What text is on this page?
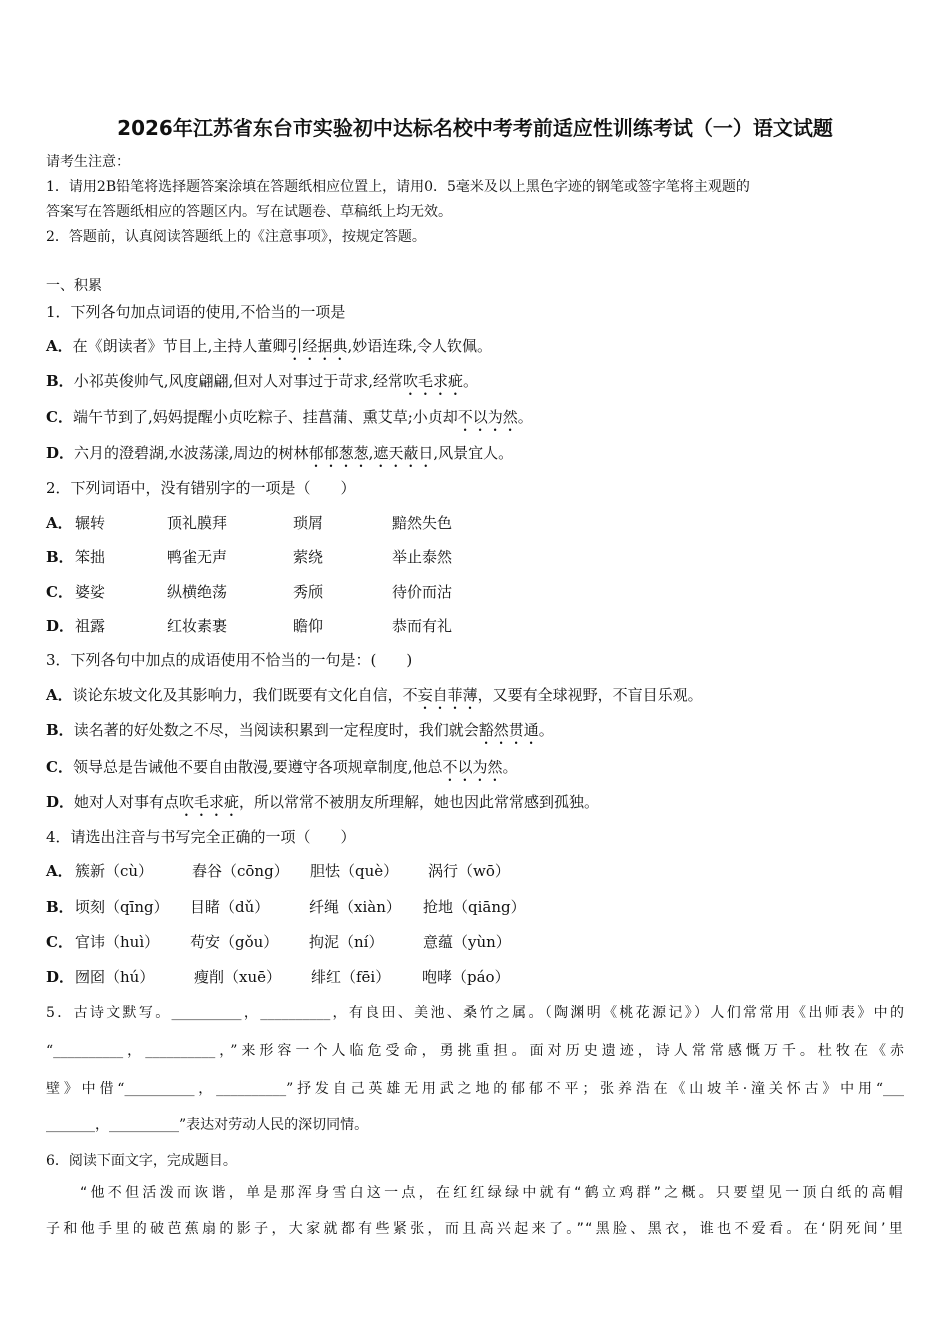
2026年江苏省东台市实验初中达标名校中考考前适应性训练考试（一）语文试题
请考生注意：
1．请用2B铅笔将选择题答案涂填在答题纸相应位置上，请用0．5毫米及以上黑色字迹的钢笔或签字笔将主观题的
答案写在答题纸相应的答题区内。写在试题卷、草稿纸上均无效。
2．答题前，认真阅读答题纸上的《注意事项》，按规定答题。
一、积累
1．下列各句加点词语的使用,不恰当的一项是
A．在《朗读者》节目上,主持人董卿引经据典,妙语连珠,令人钦佩。
B．小祁英俊帅气,风度翩翩,但对人对事过于苛求,经常吹毛求疵。
C．端午节到了,妈妈提醒小贞吃粽子、挂菖蒲、熏艾草;小贞却不以为然。
D．六月的澄碧湖,水波荡漾,周边的树林郁郁葱葱,遮天蔽日,风景宜人。
2．下列词语中，没有错别字的一项是（　　）
A． 辗转	顶礼膜拜	琐屑	黯然失色
B． 笨拙	鸭雀无声	萦绕	举止泰然
C． 婆娑	纵横绝荡	秀颀	待价而沽
D． 祖露	红妆素裹	瞻仰	恭而有礼
3．下列各句中加点的成语使用不恰当的一句是：(　　)
A．谈论东坡文化及其影响力，我们既要有文化自信，不妄自菲薄，又要有全球视野，不盲目乐观。
B．读名著的好处数之不尽，当阅读积累到一定程度时，我们就会豁然贯通。
C．领导总是告诫他不要自由散漫,要遵守各项规章制度,他总不以为然。
D．她对人对事有点吹毛求疵，所以常常不被朋友所理解，她也因此常常感到孤独。
4．请选出注音与书写完全正确的一项（　　）
A． 簇新（cù）	舂谷（cōng） 胆怯（què） 涡行（wō）
B． 顷刻（qīng） 目睹（dǔ）	纤绳（xiàn） 抢地（qiāng）
C． 官讳（huì） 苟安（gǒu） 拘泥（ní）	意蕴（yùn）
D． 囫囵（hú）	瘦削（xuē） 绯红（fēi） 咆哮（páo）
5．古诗文默写。__________，__________，有良田、美池、桑竹之属。（陶渊明《桃花源记》）人们常常用《出师表》中的
“__________，__________，”来形容一个人临危受命，勇挑重担。面对历史遗迹，诗人常常感慨万千。杜牧在《赤
壁》中借“__________，__________”抒发自己英雄无用武之地的郁郁不平；张养浩在《山坡羊·潼关怀古》中用“___
_______，__________”表达对劳动人民的深切同情。
6．阅读下面文字，完成题目。
“他不但活泼而诙谐，单是那浑身雪白这一点，在红红绿绿中就有“鹤立鸡群”之概。只要望见一顶白纸的高帽
子和他手里的破芭蕉扇的影子，大家就都有些紧张，而且高兴起来了。”“黑脸、黑衣，谁也不爱看。在‘阴死间’里
